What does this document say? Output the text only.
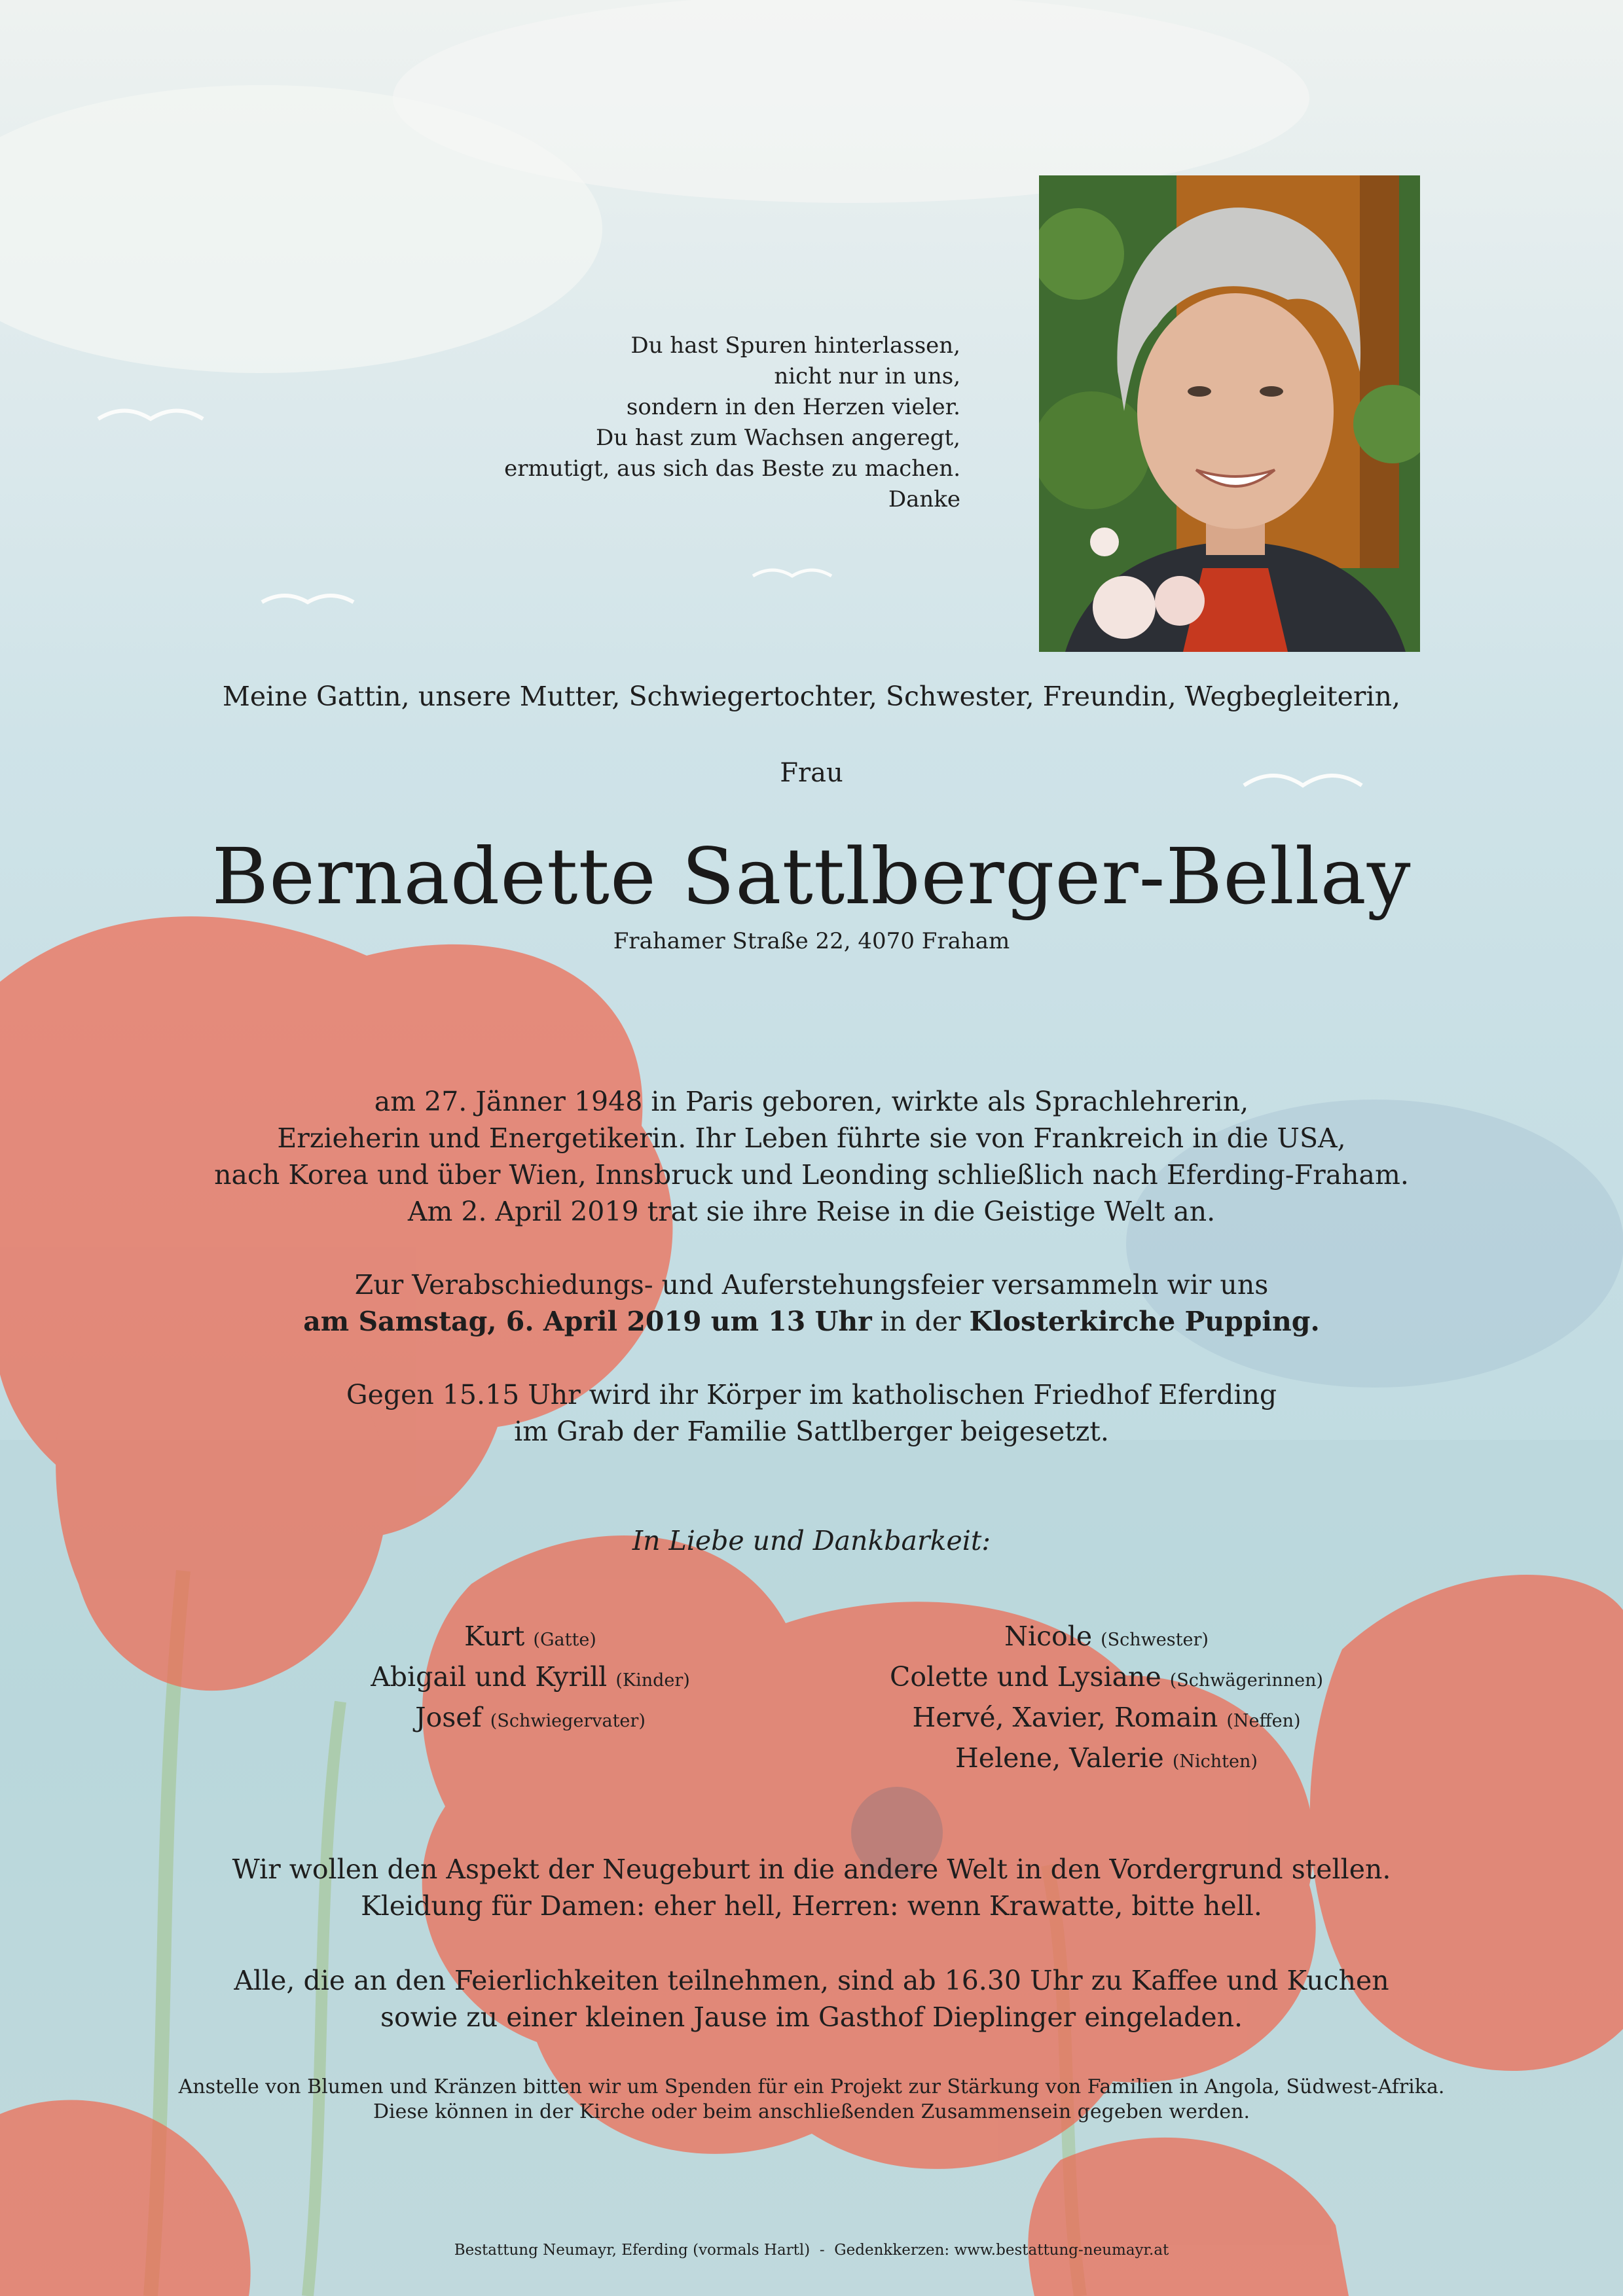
Du hast Spuren hinterlassen,
nicht nur in uns,
sondern in den Herzen vieler.
Du hast zum Wachsen angeregt,
ermutigt, aus sich das Beste zu machen.
Danke
Meine Gattin, unsere Mutter, Schwiegertochter, Schwester, Freundin, Wegbegleiterin,
Frau
Bernadette Sattlberger-Bellay
Frahamer Straße 22, 4070 Fraham
am 27. Jänner 1948 in Paris geboren, wirkte als Sprachlehrerin,
Erzieherin und Energetikerin. Ihr Leben führte sie von Frankreich in die USA,
nach Korea und über Wien, Innsbruck und Leonding schließlich nach Eferding-Fraham.
Am 2. April 2019 trat sie ihre Reise in die Geistige Welt an.
Zur Verabschiedungs- und Auferstehungsfeier versammeln wir uns
am Samstag, 6. April 2019 um 13 Uhr in der Klosterkirche Pupping.
Gegen 15.15 Uhr wird ihr Körper im katholischen Friedhof Eferding
im Grab der Familie Sattlberger beigesetzt.
In Liebe und Dankbarkeit:
Kurt (Gatte)
Abigail und Kyrill (Kinder)
Josef (Schwiegervater)
Nicole (Schwester)
Colette und Lysiane (Schwägerinnen)
Hervé, Xavier, Romain (Neffen)
Helene, Valerie (Nichten)
Wir wollen den Aspekt der Neugeburt in die andere Welt in den Vordergrund stellen.
Kleidung für Damen: eher hell, Herren: wenn Krawatte, bitte hell.
Alle, die an den Feierlichkeiten teilnehmen, sind ab 16.30 Uhr zu Kaffee und Kuchen
sowie zu einer kleinen Jause im Gasthof Dieplinger eingeladen.
Anstelle von Blumen und Kränzen bitten wir um Spenden für ein Projekt zur Stärkung von Familien in Angola, Südwest-Afrika.
Diese können in der Kirche oder beim anschließenden Zusammensein gegeben werden.
Bestattung Neumayr, Eferding (vormals Hartl)  -  Gedenkkerzen: www.bestattung-neumayr.at
